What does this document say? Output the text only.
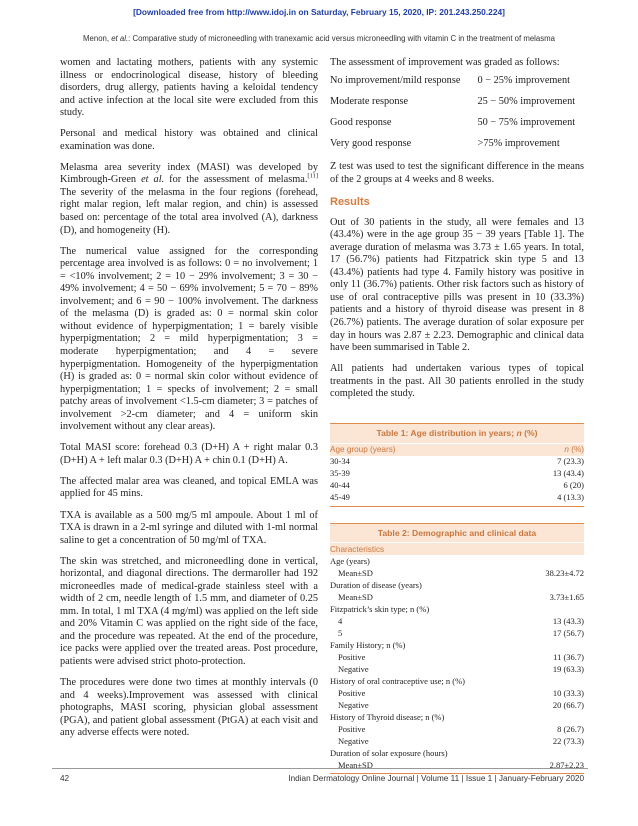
[Downloaded free from http://www.idoj.in on Saturday, February 15, 2020, IP: 201.243.250.224]
Menon, et al.: Comparative study of microneedling with tranexamic acid versus microneedling with vitamin C in the treatment of melasma

women and lactating mothers, patients with any systemic illness or endocrinological disease, history of bleeding disorders, drug allergy, patients having a keloidal tendency and active infection at the local site were excluded from this study.

Personal and medical history was obtained and clinical examination was done.

Melasma area severity index (MASI) was developed by Kimbrough-Green et al. for the assessment of melasma.[11] The severity of the melasma in the four regions (forehead, right malar region, left malar region, and chin) is assessed based on: percentage of the total area involved (A), darkness (D), and homogeneity (H).

The numerical value assigned for the corresponding percentage area involved is as follows: 0 = no involvement; 1 = <10% involvement; 2 = 10 − 29% involvement; 3 = 30 − 49% involvement; 4 = 50 − 69% involvement; 5 = 70 − 89% involvement; and 6 = 90 − 100% involvement. The darkness of the melasma (D) is graded as: 0 = normal skin color without evidence of hyperpigmentation; 1 = barely visible hyperpigmentation; 2 = mild hyperpigmentation; 3 = moderate hyperpigmentation; and 4 = severe hyperpigmentation. Homogeneity of the hyperpigmentation (H) is graded as: 0 = normal skin color without evidence of hyperpigmentation; 1 = specks of involvement; 2 = small patchy areas of involvement <1.5-cm diameter; 3 = patches of involvement >2-cm diameter; and 4 = uniform skin involvement without any clear areas).

Total MASI score: forehead 0.3 (D+H) A + right malar 0.3 (D+H) A + left malar 0.3 (D+H) A + chin 0.1 (D+H) A.

The affected malar area was cleaned, and topical EMLA was applied for 45 mins.

TXA is available as a 500 mg/5 ml ampoule. About 1 ml of TXA is drawn in a 2-ml syringe and diluted with 1-ml normal saline to get a concentration of 50 mg/ml of TXA.

The skin was stretched, and microneedling done in vertical, horizontal, and diagonal directions. The dermaroller had 192 microneedles made of medical-grade stainless steel with a width of 2 cm, needle length of 1.5 mm, and diameter of 0.25 mm. In total, 1 ml TXA (4 mg/ml) was applied on the left side and 20% Vitamin C was applied on the right side of the face, and the procedure was repeated. At the end of the procedure, ice packs were applied over the treated areas. Post procedure, patients were advised strict photo-protection.

The procedures were done two times at monthly intervals (0 and 4 weeks).Improvement was assessed with clinical photographs, MASI scoring, physician global assessment (PGA), and patient global assessment (PtGA) at each visit and any adverse effects were noted.

The assessment of improvement was graded as follows:	
No improvement/mild response	0 − 25% improvement
Moderate response	25 − 50% improvement
Good response	50 − 75% improvement
Very good response	>75% improvement

Z test was used to test the significant difference in the means of the 2 groups at 4 weeks and 8 weeks.

Results

Out of 30 patients in the study, all were females and 13 (43.4%) were in the age group 35 − 39 years [Table 1]. The average duration of melasma was 3.73 ± 1.65 years. In total, 17 (56.7%) patients had Fitzpatrick skin type 5 and 13 (43.4%) patients had type 4. Family history was positive in only 11 (36.7%) patients. Other risk factors such as history of use of oral contraceptive pills was present in 10 (33.3%) patients and a history of thyroid disease was present in 8 (26.7%) patients. The average duration of solar exposure per day in hours was 2.87 ± 2.23. Demographic and clinical data have been summarised in Table 2.

All patients had undertaken various types of topical treatments in the past. All 30 patients enrolled in the study completed the study.

Table 1: Age distribution in years; n (%)
Age group (years)	n (%)
30-34	7 (23.3)
35-39	13 (43.4)
40-44	6 (20)
45-49	4 (13.3)
Table 2: Demographic and clinical data
Characteristics	
Age (years)	
Mean±SD	38.23±4.72
Duration of disease (years)	
Mean±SD	3.73±1.65
Fitzpatrick’s skin type; n (%)	
4	13 (43.3)
5	17 (56.7)
Family History; n (%)	
Positive	11 (36.7)
Negative	19 (63.3)
History of oral contraceptive use; n (%)	
Positive	10 (33.3)
Negative	20 (66.7)
History of Thyroid disease; n (%)	
Positive	8 (26.7)
Negative	22 (73.3)
Duration of solar exposure (hours)	
Mean±SD	2.87±2.23
42	Indian Dermatology Online Journal | Volume 11 | Issue 1 | January-February 2020
